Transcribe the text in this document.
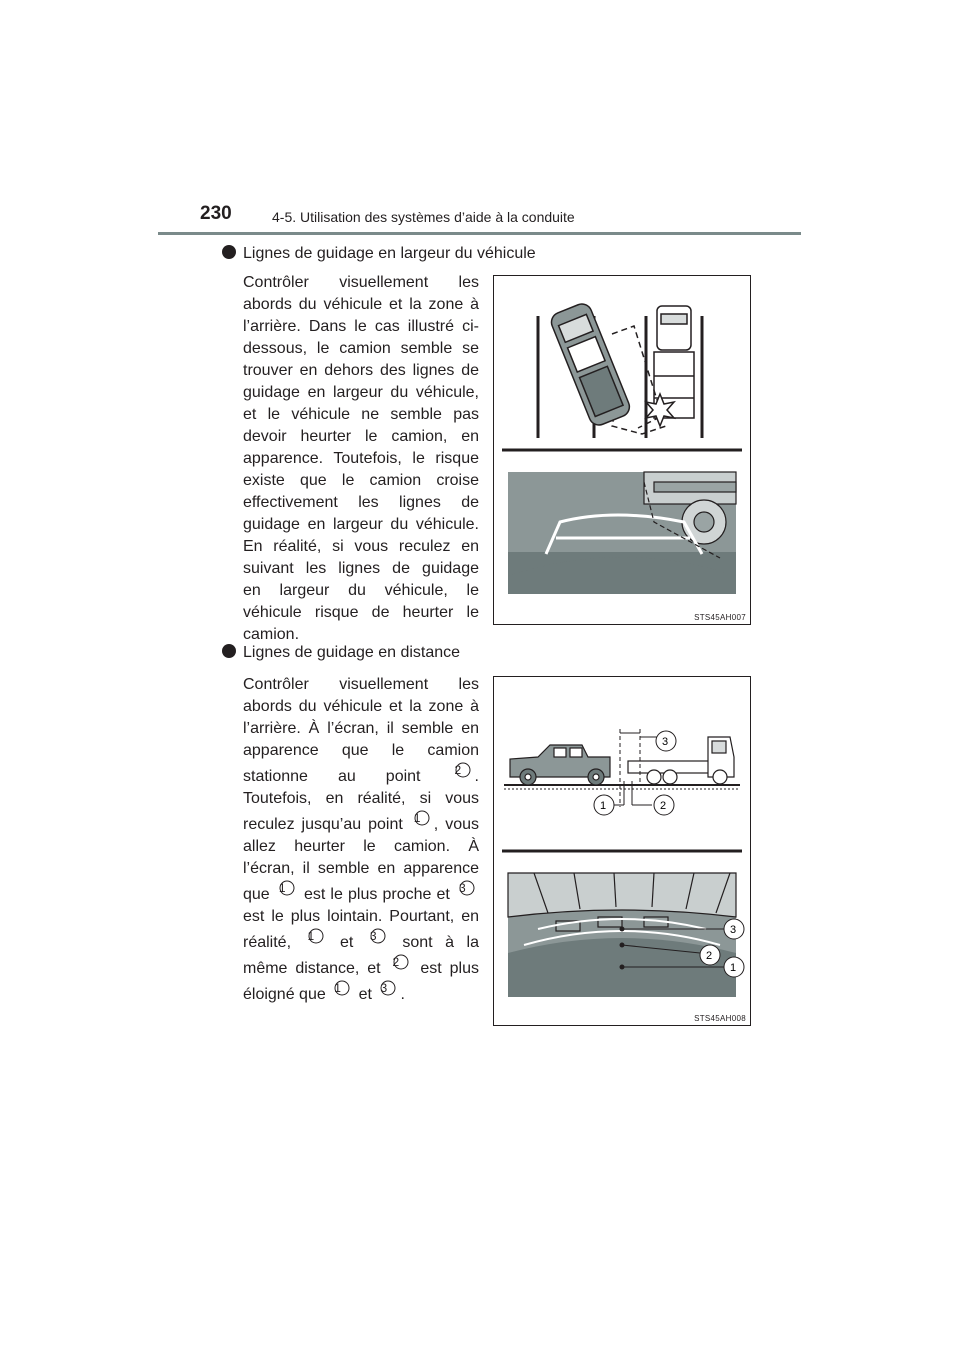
230	4-5. Utilisation des systèmes d’aide à la conduite
Lignes de guidage en largeur du véhicule
Contrôler visuellement les
abords du véhicule et la zone à
l’arrière. Dans le cas illustré ci-
dessous, le camion semble se
trouver en dehors des lignes de
guidage en largeur du véhicule,
et le véhicule ne semble pas
devoir heurter le camion, en
apparence. Toutefois, le risque
existe que le camion croise
effectivement les lignes de
guidage en largeur du véhicule.
En réalité, si vous reculez en
suivant les lignes de guidage
en largeur du véhicule, le
véhicule risque de heurter le
camion.
STS45AH007
Lignes de guidage en distance
Contrôler visuellement les
abords du véhicule et la zone à
l’arrière. À l’écran, il semble en
apparence que le camion
stationne au point	2 .
Toutefois, en réalité, si vous
reculez jusqu’au point 1 , vous
allez heurter le camion. À
l’écran, il semble en apparence
que 1	est le plus proche et 3
est le plus lointain. Pourtant, en
réalité, 1	et 3	sont à la
même distance, et 2	est plus
éloigné que 1	et 3 .
3
1	2
3
2
1
STS45AH008
